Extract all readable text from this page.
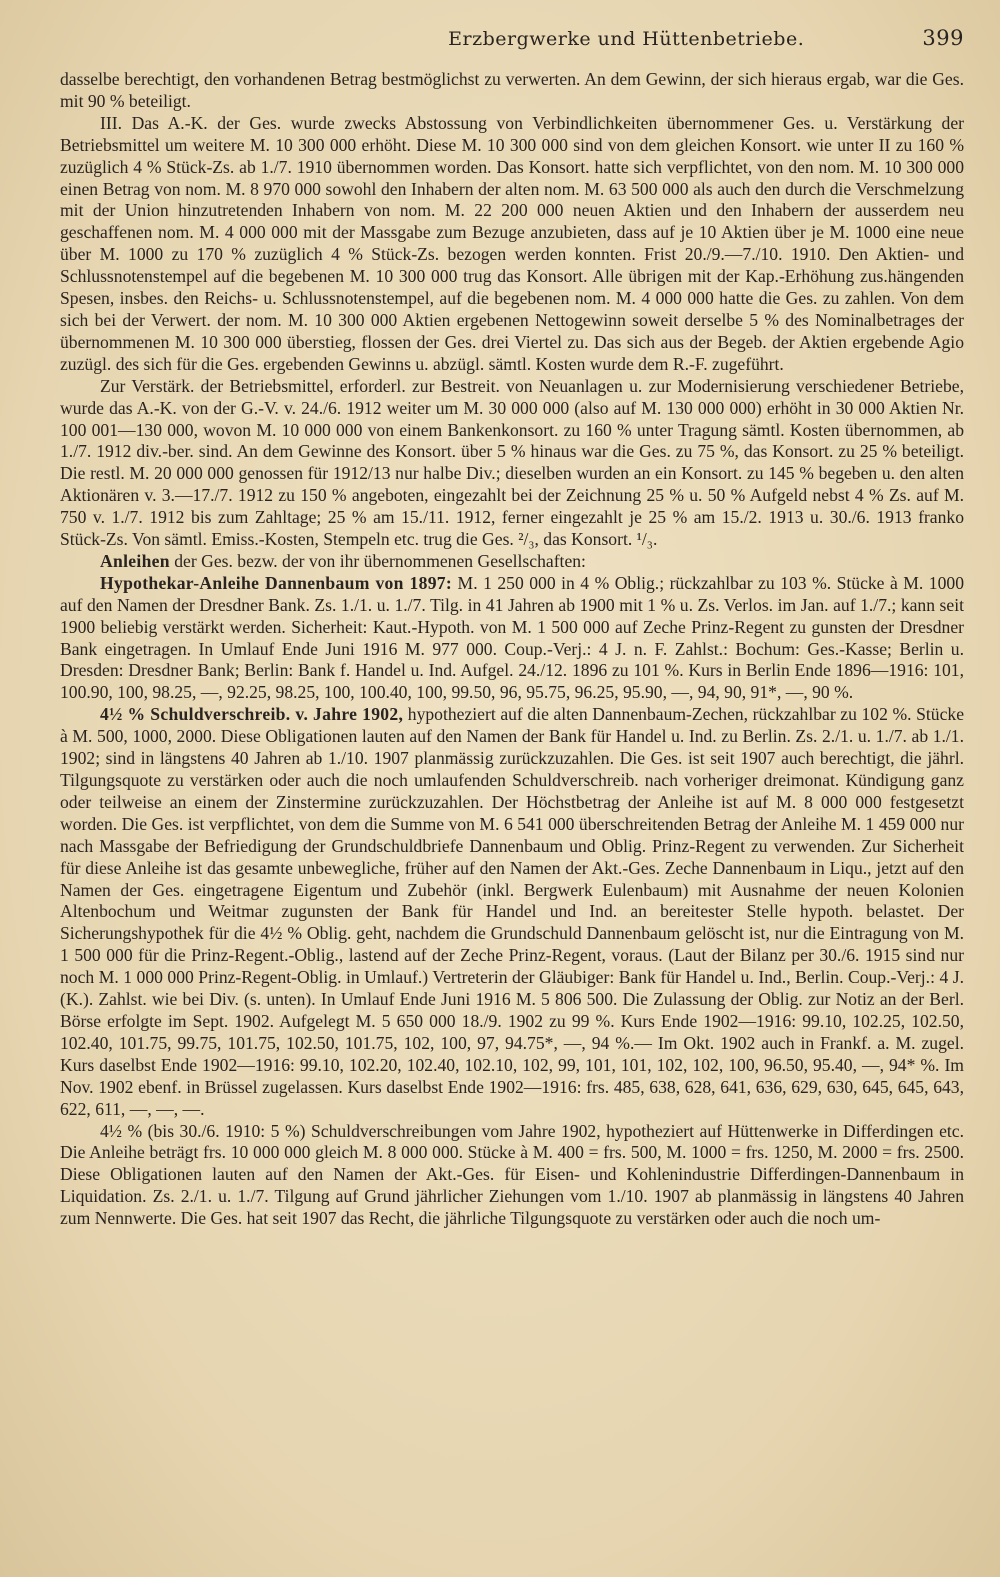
Erzbergwerke und Hüttenbetriebe.	399

dasselbe berechtigt, den vorhandenen Betrag bestmöglichst zu verwerten. An dem Gewinn, der sich hieraus ergab, war die Ges. mit 90 % beteiligt.

III. Das A.-K. der Ges. wurde zwecks Abstossung von Verbindlichkeiten übernommener Ges. u. Verstärkung der Betriebsmittel um weitere M. 10 300 000 erhöht. Diese M. 10 300 000 sind von dem gleichen Konsort. wie unter II zu 160 % zuzüglich 4 % Stück-Zs. ab 1./7. 1910 übernommen worden. Das Konsort. hatte sich verpflichtet, von den nom. M. 10 300 000 einen Betrag von nom. M. 8 970 000 sowohl den Inhabern der alten nom. M. 63 500 000 als auch den durch die Verschmelzung mit der Union hinzutretenden Inhabern von nom. M. 22 200 000 neuen Aktien und den Inhabern der ausserdem neu geschaffenen nom. M. 4 000 000 mit der Massgabe zum Bezuge anzubieten, dass auf je 10 Aktien über je M. 1000 eine neue über M. 1000 zu 170 % zuzüglich 4 % Stück-Zs. bezogen werden konnten. Frist 20./9.—7./10. 1910. Den Aktien- und Schlussnotenstempel auf die begebenen M. 10 300 000 trug das Konsort. Alle übrigen mit der Kap.-Erhöhung zus.hängenden Spesen, insbes. den Reichs- u. Schlussnotenstempel, auf die begebenen nom. M. 4 000 000 hatte die Ges. zu zahlen. Von dem sich bei der Verwert. der nom. M. 10 300 000 Aktien ergebenen Nettogewinn soweit derselbe 5 % des Nominalbetrages der übernommenen M. 10 300 000 überstieg, flossen der Ges. drei Viertel zu. Das sich aus der Begeb. der Aktien ergebende Agio zuzügl. des sich für die Ges. ergebenden Gewinns u. abzügl. sämtl. Kosten wurde dem R.-F. zugeführt.

Zur Verstärk. der Betriebsmittel, erforderl. zur Bestreit. von Neuanlagen u. zur Modernisierung verschiedener Betriebe, wurde das A.-K. von der G.-V. v. 24./6. 1912 weiter um M. 30 000 000 (also auf M. 130 000 000) erhöht in 30 000 Aktien Nr. 100 001—130 000, wovon M. 10 000 000 von einem Bankenkonsort. zu 160 % unter Tragung sämtl. Kosten übernommen, ab 1./7. 1912 div.-ber. sind. An dem Gewinne des Konsort. über 5 % hinaus war die Ges. zu 75 %, das Konsort. zu 25 % beteiligt. Die restl. M. 20 000 000 genossen für 1912/13 nur halbe Div.; dieselben wurden an ein Konsort. zu 145 % begeben u. den alten Aktionären v. 3.—17./7. 1912 zu 150 % angeboten, eingezahlt bei der Zeichnung 25 % u. 50 % Aufgeld nebst 4 % Zs. auf M. 750 v. 1./7. 1912 bis zum Zahltage; 25 % am 15./11. 1912, ferner eingezahlt je 25 % am 15./2. 1913 u. 30./6. 1913 franko Stück-Zs. Von sämtl. Emiss.-Kosten, Stempeln etc. trug die Ges. ²/₃, das Konsort. ¹/₃.

Anleihen der Ges. bezw. der von ihr übernommenen Gesellschaften:

Hypothekar-Anleihe Dannenbaum von 1897: M. 1 250 000 in 4 % Oblig.; rückzahlbar zu 103 %. Stücke à M. 1000 auf den Namen der Dresdner Bank. Zs. 1./1. u. 1./7. Tilg. in 41 Jahren ab 1900 mit 1 % u. Zs. Verlos. im Jan. auf 1./7.; kann seit 1900 beliebig verstärkt werden. Sicherheit: Kaut.-Hypoth. von M. 1 500 000 auf Zeche Prinz-Regent zu gunsten der Dresdner Bank eingetragen. In Umlauf Ende Juni 1916 M. 977 000. Coup.-Verj.: 4 J. n. F. Zahlst.: Bochum: Ges.-Kasse; Berlin u. Dresden: Dresdner Bank; Berlin: Bank f. Handel u. Ind. Aufgel. 24./12. 1896 zu 101 %. Kurs in Berlin Ende 1896—1916: 101, 100.90, 100, 98.25, —, 92.25, 98.25, 100, 100.40, 100, 99.50, 96, 95.75, 96.25, 95.90, —, 94, 90, 91*, —, 90 %.

4½ % Schuldverschreib. v. Jahre 1902, hypotheziert auf die alten Dannenbaum-Zechen, rückzahlbar zu 102 %. Stücke à M. 500, 1000, 2000. Diese Obligationen lauten auf den Namen der Bank für Handel u. Ind. zu Berlin. Zs. 2./1. u. 1./7. ab 1./1. 1902; sind in längstens 40 Jahren ab 1./10. 1907 planmässig zurückzuzahlen. Die Ges. ist seit 1907 auch berechtigt, die jährl. Tilgungsquote zu verstärken oder auch die noch umlaufenden Schuldverschreib. nach vorheriger dreimonat. Kündigung ganz oder teilweise an einem der Zinstermine zurückzuzahlen. Der Höchstbetrag der Anleihe ist auf M. 8 000 000 festgesetzt worden. Die Ges. ist verpflichtet, von dem die Summe von M. 6 541 000 überschreitenden Betrag der Anleihe M. 1 459 000 nur nach Massgabe der Befriedigung der Grundschuldbriefe Dannenbaum und Oblig. Prinz-Regent zu verwenden. Zur Sicherheit für diese Anleihe ist das gesamte unbewegliche, früher auf den Namen der Akt.-Ges. Zeche Dannenbaum in Liqu., jetzt auf den Namen der Ges. eingetragene Eigentum und Zubehör (inkl. Bergwerk Eulenbaum) mit Ausnahme der neuen Kolonien Altenbochum und Weitmar zugunsten der Bank für Handel und Ind. an bereitester Stelle hypoth. belastet. Der Sicherungshypothek für die 4½ % Oblig. geht, nachdem die Grundschuld Dannenbaum gelöscht ist, nur die Eintragung von M. 1 500 000 für die Prinz-Regent.-Oblig., lastend auf der Zeche Prinz-Regent, voraus. (Laut der Bilanz per 30./6. 1915 sind nur noch M. 1 000 000 Prinz-Regent-Oblig. in Umlauf.) Vertreterin der Gläubiger: Bank für Handel u. Ind., Berlin. Coup.-Verj.: 4 J. (K.). Zahlst. wie bei Div. (s. unten). In Umlauf Ende Juni 1916 M. 5 806 500. Die Zulassung der Oblig. zur Notiz an der Berl. Börse erfolgte im Sept. 1902. Aufgelegt M. 5 650 000 18./9. 1902 zu 99 %. Kurs Ende 1902—1916: 99.10, 102.25, 102.50, 102.40, 101.75, 99.75, 101.75, 102.50, 101.75, 102, 100, 97, 94.75*, —, 94 %.— Im Okt. 1902 auch in Frankf. a. M. zugel. Kurs daselbst Ende 1902—1916: 99.10, 102.20, 102.40, 102.10, 102, 99, 101, 101, 102, 102, 100, 96.50, 95.40, —, 94* %. Im Nov. 1902 ebenf. in Brüssel zugelassen. Kurs daselbst Ende 1902—1916: frs. 485, 638, 628, 641, 636, 629, 630, 645, 645, 643, 622, 611, —, —, —.

4½ % (bis 30./6. 1910: 5 %) Schuldverschreibungen vom Jahre 1902, hypotheziert auf Hüttenwerke in Differdingen etc. Die Anleihe beträgt frs. 10 000 000 gleich M. 8 000 000. Stücke à M. 400 = frs. 500, M. 1000 = frs. 1250, M. 2000 = frs. 2500. Diese Obligationen lauten auf den Namen der Akt.-Ges. für Eisen- und Kohlenindustrie Differdingen-Dannenbaum in Liquidation. Zs. 2./1. u. 1./7. Tilgung auf Grund jährlicher Ziehungen vom 1./10. 1907 ab planmässig in längstens 40 Jahren zum Nennwerte. Die Ges. hat seit 1907 das Recht, die jährliche Tilgungsquote zu verstärken oder auch die noch um-
